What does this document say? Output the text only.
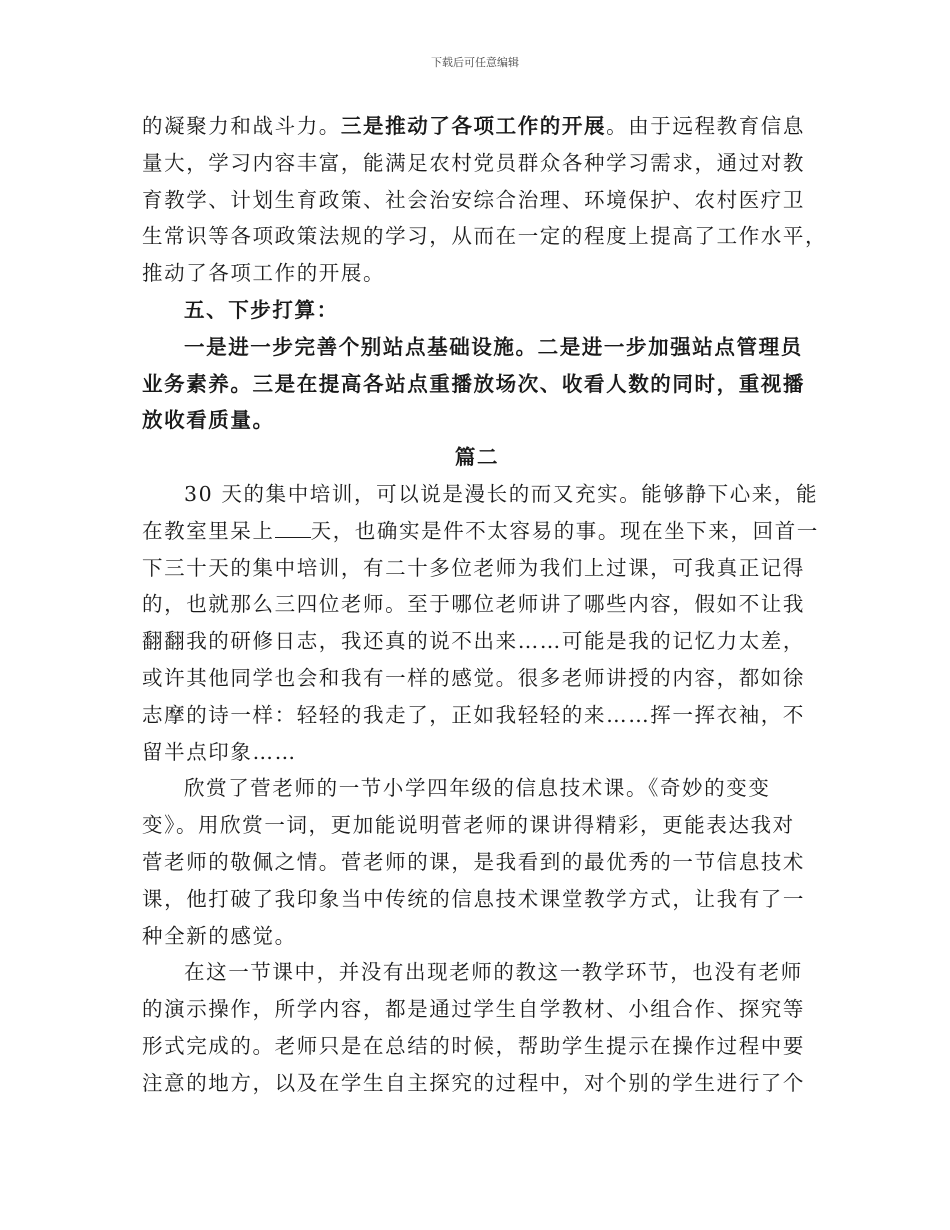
下载后可任意编辑
的凝聚力和战斗力。三是推动了各项工作的开展。由于远程教育信息
量大，学习内容丰富，能满足农村党员群众各种学习需求，通过对教
育教学、计划生育政策、社会治安综合治理、环境保护、农村医疗卫
生常识等各项政策法规的学习，从而在一定的程度上提高了工作水平，
推动了各项工作的开展。
五、下步打算：
一是进一步完善个别站点基础设施。二是进一步加强站点管理员
业务素养。三是在提高各站点重播放场次、收看人数的同时，重视播
放收看质量。
篇二
30 天的集中培训，可以说是漫长的而又充实。能够静下心来，能
在教室里呆上 天，也确实是件不太容易的事。现在坐下来，回首一
下三十天的集中培训，有二十多位老师为我们上过课，可我真正记得
的，也就那么三四位老师。至于哪位老师讲了哪些内容，假如不让我
翻翻我的研修日志，我还真的说不出来……可能是我的记忆力太差，
或许其他同学也会和我有一样的感觉。很多老师讲授的内容，都如徐
志摩的诗一样：轻轻的我走了，正如我轻轻的来……挥一挥衣袖，不
留半点印象……
欣赏了菅老师的一节小学四年级的信息技术课。《奇妙的变变
变》。用欣赏一词，更加能说明菅老师的课讲得精彩，更能表达我对
菅老师的敬佩之情。菅老师的课，是我看到的最优秀的一节信息技术
课，他打破了我印象当中传统的信息技术课堂教学方式，让我有了一
种全新的感觉。
在这一节课中，并没有出现老师的教这一教学环节，也没有老师
的演示操作，所学内容，都是通过学生自学教材、小组合作、探究等
形式完成的。老师只是在总结的时候，帮助学生提示在操作过程中要
注意的地方，以及在学生自主探究的过程中，对个别的学生进行了个
